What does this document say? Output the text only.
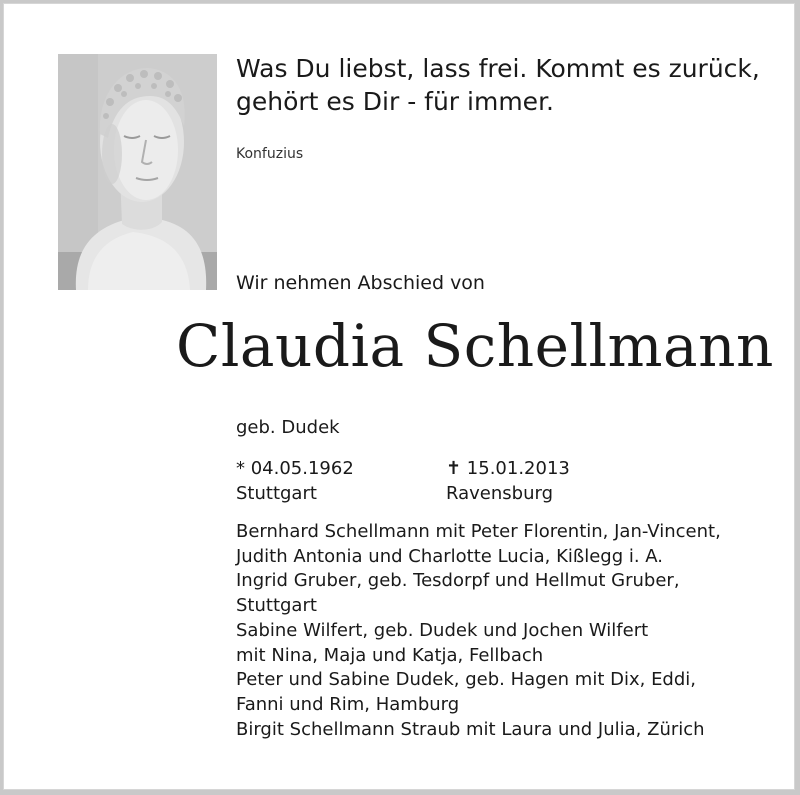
Was Du liebst, lass frei. Kommt es zurück,
gehört es Dir - für immer.
Konfuzius
Wir nehmen Abschied von
Claudia Schellmann
geb. Dudek
* 04.05.1962
Stuttgart
✝ 15.01.2013
Ravensburg
Bernhard Schellmann mit Peter Florentin, Jan-Vincent,
Judith Antonia und Charlotte Lucia, Kißlegg i. A.
Ingrid Gruber, geb. Tesdorpf und Hellmut Gruber,
Stuttgart
Sabine Wilfert, geb. Dudek und Jochen Wilfert
mit Nina, Maja und Katja, Fellbach
Peter und Sabine Dudek, geb. Hagen mit Dix, Eddi,
Fanni und Rim, Hamburg
Birgit Schellmann Straub mit Laura und Julia, Zürich
